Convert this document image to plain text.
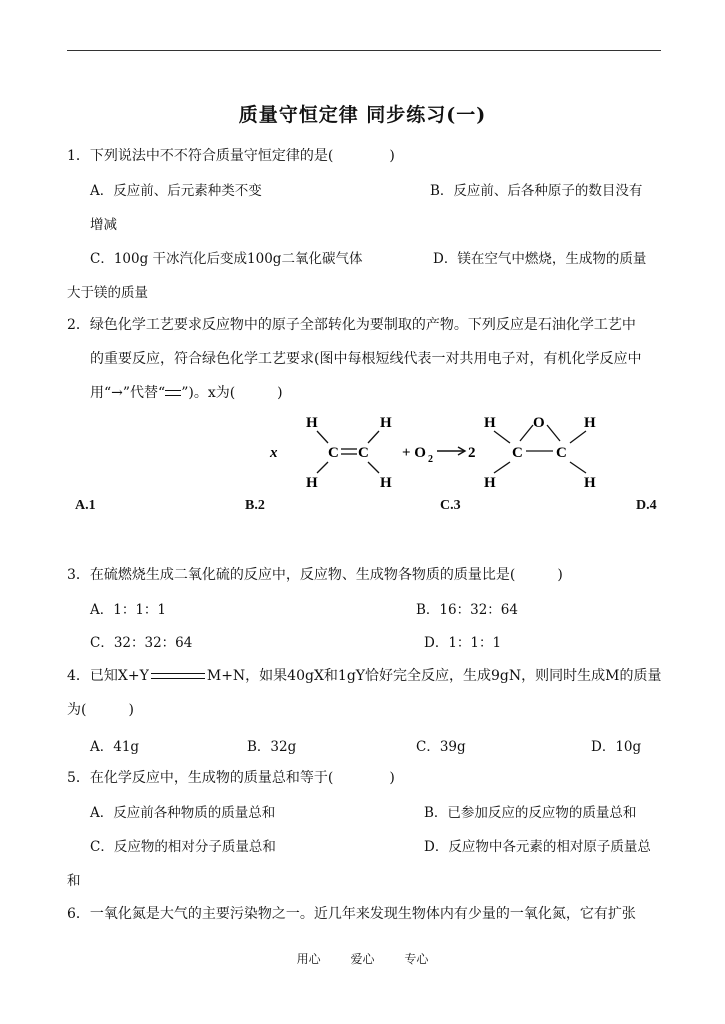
质量守恒定律 同步练习(一)
1．下列说法中不不符合质量守恒定律的是(　　　　)
A．反应前、后元素种类不变	B．反应前、后各种原子的数目没有
增减
C．100g 干冰汽化后变成100g二氧化碳气体	D．镁在空气中燃烧，生成物的质量
大于镁的质量
2．绿色化学工艺要求反应物中的原子全部转化为要制取的产物。下列反应是石油化学工艺中
的重要反应，符合绿色化学工艺要求(图中每根短线代表一对共用电子对，有机化学反应中
用“→”代替“ ”)。x为(　　　)
x
H	H
C C
H	H
+ O 2 2
H	H
O
C C
H	H
A.1	B.2	C.3	D.4
3．在硫燃烧生成二氧化硫的反应中，反应物、生成物各物质的质量比是(　　　)
A．1：1：1	B．16：32：64
C．32：32：64	D．1：1：1
4．已知X+Y	M+N，如果40gX和1gY恰好完全反应，生成9gN，则同时生成M的质量
为(　　　)
A．41g	B．32g	C．39g	D．10g
5．在化学反应中，生成物的质量总和等于(　　　　)
A．反应前各种物质的质量总和	B．已参加反应的反应物的质量总和
C．反应物的相对分子质量总和	D．反应物中各元素的相对原子质量总
和
6．一氧化氮是大气的主要污染物之一。近几年来发现生物体内有少量的一氧化氮，它有扩张
用心 爱心 专心
